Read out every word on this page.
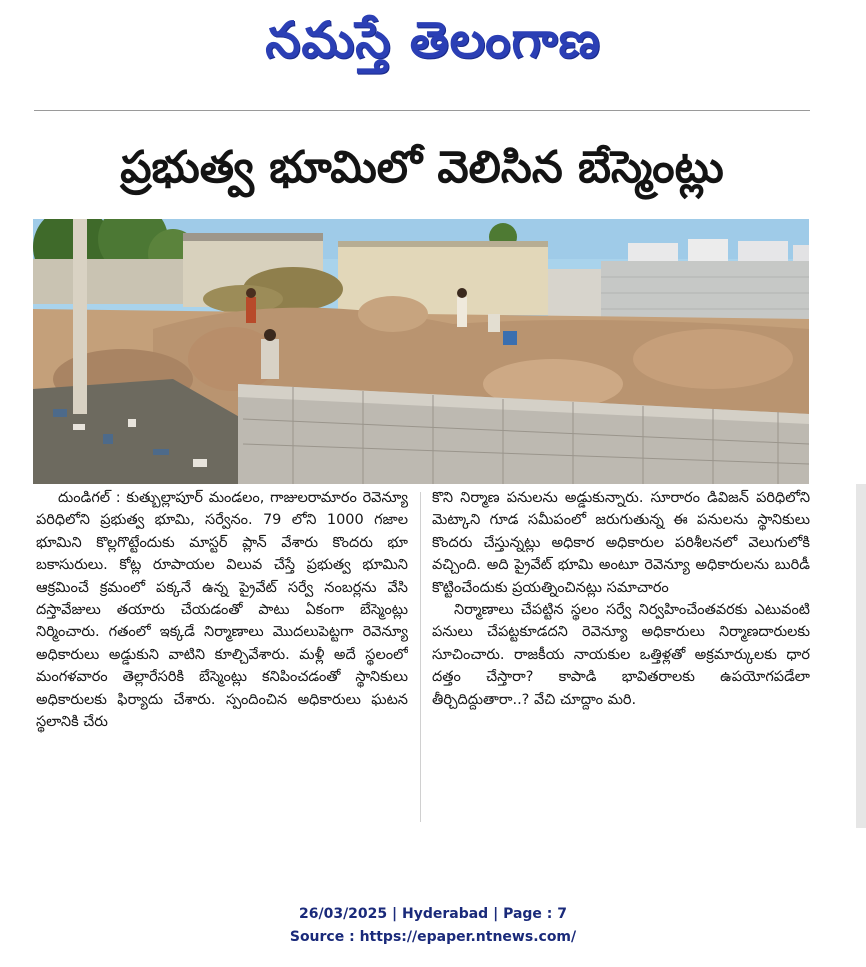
నమస్తే తెలంగాణ
ప్రభుత్వ భూమిలో వెలిసిన బేస్మెంట్లు

దుండిగల్‌ : కుత్బుల్లాపూర్‌ మండలం, గాజులరామారం రెవెన్యూ పరిధిలోని ప్రభుత్వ భూమి, సర్వేనం. 79 లోని 1000 గజాల భూమిని కొల్లగొట్టేందుకు మాస్టర్‌ ప్లాన్‌ వేశారు కొందరు భూ బకాసురులు. కోట్ల రూపాయల విలువ చేస్తే ప్రభుత్వ భూమిని ఆక్రమించే క్రమంలో పక్కనే ఉన్న ప్రైవేట్‌ సర్వే నంబర్లను వేసి దస్తావేజులు తయారు చేయడంతో పాటు ఏకంగా బేస్మెంట్లు నిర్మించారు. గతంలో ఇక్కడే నిర్మాణాలు మొదలుపెట్టగా రెవెన్యూ అధికారులు అడ్డుకుని వాటిని కూల్చివేశారు. మళ్లీ అదే స్థలంలో మంగళవారం తెల్లారేసరికి బేస్మెంట్లు కనిపించడంతో స్థానికులు అధికారులకు ఫిర్యాదు చేశారు. స్పందించిన అధికారులు ఘటన స్థలానికి చేరు

కొని నిర్మాణ పనులను అడ్డుకున్నారు. సూరారం డివిజన్‌ పరిధిలోని మెట్కాని గూడ సమీపంలో జరుగుతున్న ఈ పనులను స్థానికులు కొందరు చేస్తున్నట్లు అధికార అధికారుల పరిశీలనలో వెలుగులోకి వచ్చింది. అది ప్రైవేట్‌ భూమి అంటూ రెవెన్యూ అధికారులను బురిడీ కొట్టించేందుకు ప్రయత్నించినట్లు సమాచారం

నిర్మాణాలు చేపట్టిన స్థలం సర్వే నిర్వహించేంతవరకు ఎటువంటి పనులు చేపట్టకూడదని రెవెన్యూ అధికారులు నిర్మాణదారులకు సూచించారు. రాజకీయ నాయకుల ఒత్తిళ్లతో అక్రమార్కులకు ధార దత్తం చేస్తారా? కాపాడి భావితరాలకు ఉపయోగపడేలా తీర్చిదిద్దుతారా..? వేచి చూద్దాం మరి.

26/03/2025 | Hyderabad | Page : 7
Source : https://epaper.ntnews.com/
